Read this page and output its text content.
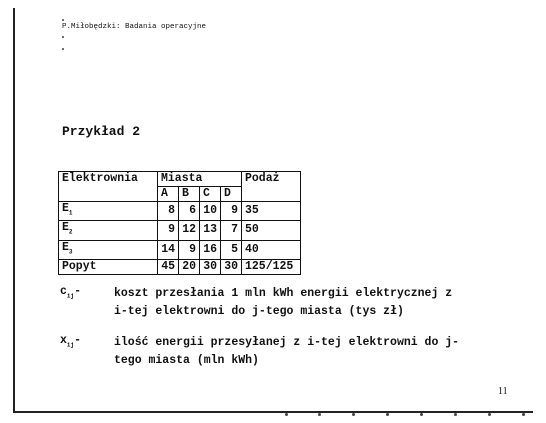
P.Miłobędzki: Badania operacyjne
Przykład 2
Elektrownia	Miasta				Podaż
	A	B	C	D	
$E_1$	8	6	10	9	35
$E_2$	9	12	13	7	50
$E_3$	14	9	16	5	40
Popyt	45	20	30	30	125/125
$c_{ij}-$	koszt przesłania 1 mln kWh energii elektrycznej z
i-tej elektrowni do j-tego miasta (tys zł)
$x_{ij}-$	ilość energii przesyłanej z i-tej elektrowni do j-
tego miasta (mln kWh)
11
